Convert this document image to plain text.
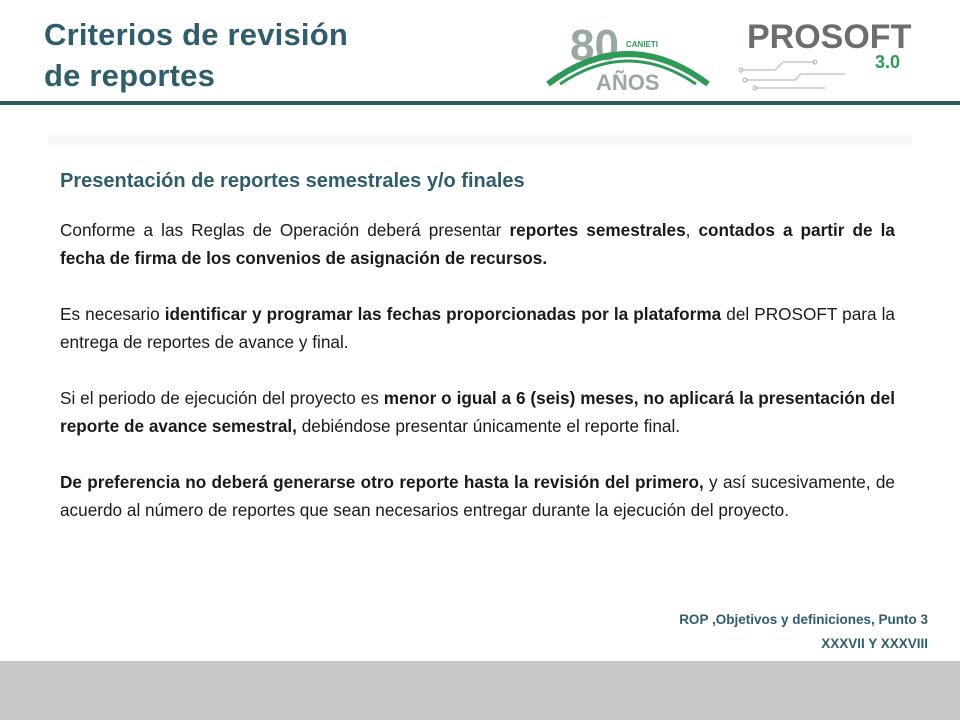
Criterios de revisión
de reportes
80 CANIETI
AÑOS
PROSOFT
3.0
Presentación de reportes semestrales y/o finales

Conforme a las Reglas de Operación deberá presentar reportes semestrales, contados a partir de la fecha de firma de los convenios de asignación de recursos.

Es necesario identificar y programar las fechas proporcionadas por la plataforma del PROSOFT para la entrega de reportes de avance y final.

Si el periodo de ejecución del proyecto es menor o igual a 6 (seis) meses, no aplicará la presentación del reporte de avance semestral, debiéndose presentar únicamente el reporte final.

De preferencia no deberá generarse otro reporte hasta la revisión del primero, y así sucesivamente, de acuerdo al número de reportes que sean necesarios entregar durante la ejecución del proyecto.

ROP ,Objetivos y definiciones, Punto 3
XXXVII Y XXXVIII
